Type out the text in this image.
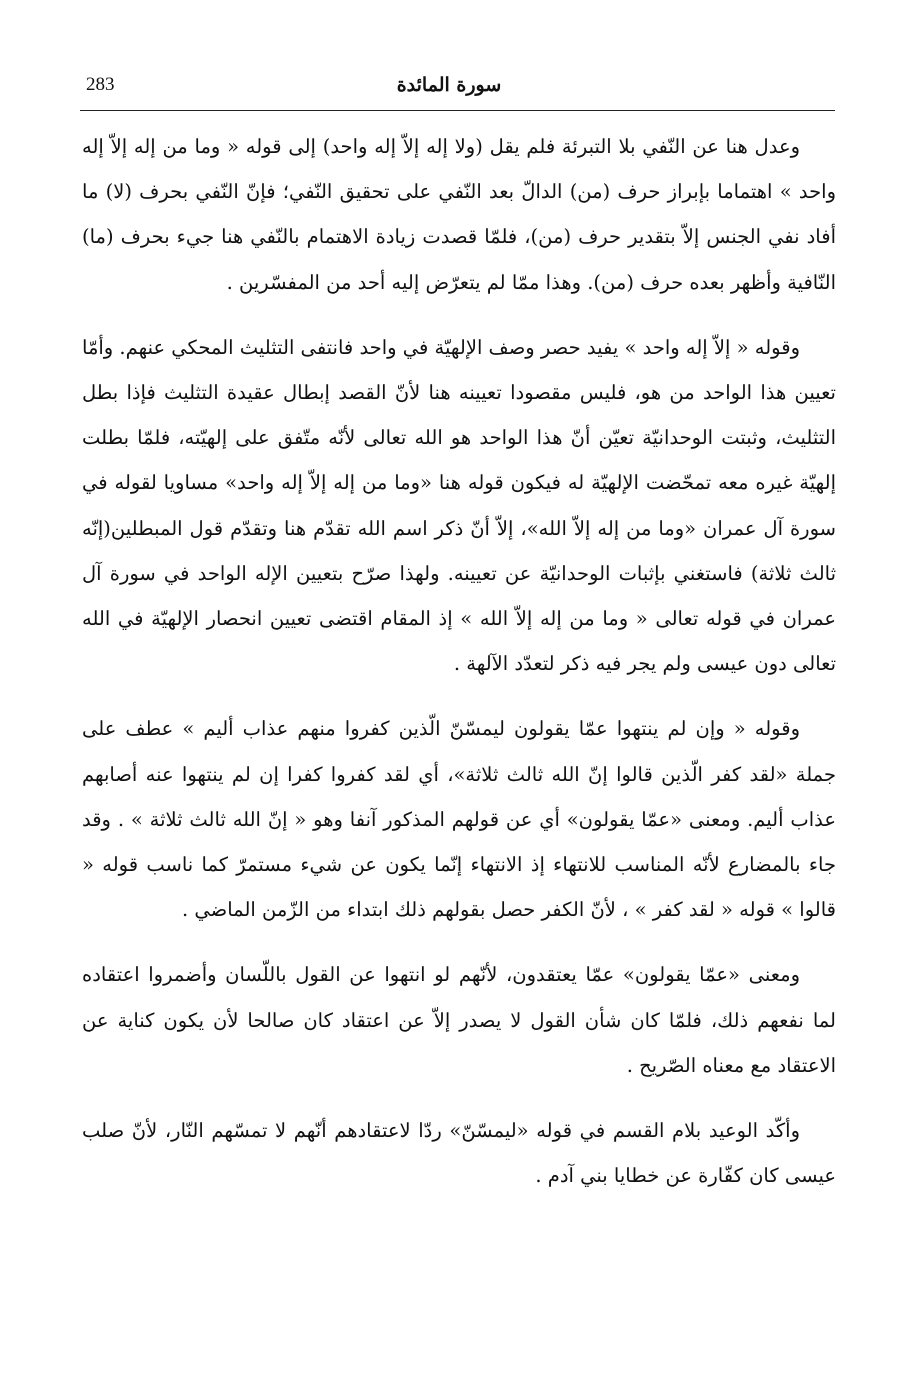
283	سورة المائدة

وعدل هنا عن النّفي بلا التبرئة فلم يقل (ولا إله إلاّ إله واحد) إلى قوله « وما من إله إلاّ إله واحد » اهتماما بإبراز حرف (من) الدالّ بعد النّفي على تحقيق النّفي؛ فإنّ النّفي بحرف (لا) ما أفاد نفي الجنس إلاّ بتقدير حرف (من)، فلمّا قصدت زيادة الاهتمام بالنّفي هنا جيء بحرف (ما) النّافية وأظهر بعده حرف (من). وهذا ممّا لم يتعرّض إليه أحد من المفسّرين .

وقوله « إلاّ إله واحد » يفيد حصر وصف الإلهيّة في واحد فانتفى التثليث المحكي عنهم. وأمّا تعيين هذا الواحد من هو، فليس مقصودا تعيينه هنا لأنّ القصد إبطال عقيدة التثليث فإذا بطل التثليث، وثبتت الوحدانيّة تعيّن أنّ هذا الواحد هو الله تعالى لأنّه متّفق على إلهيّته، فلمّا بطلت إلهيّة غيره معه تمحّضت الإلهيّة له فيكون قوله هنا «وما من إله إلاّ إله واحد» مساويا لقوله في سورة آل عمران «وما من إله إلاّ الله»، إلاّ أنّ ذكر اسم الله تقدّم هنا وتقدّم قول المبطلين(إنّه ثالث ثلاثة) فاستغني بإثبات الوحدانيّة عن تعيينه. ولهذا صرّح بتعيين الإله الواحد في سورة آل عمران في قوله تعالى « وما من إله إلاّ الله » إذ المقام اقتضى تعيين انحصار الإلهيّة في الله تعالى دون عيسى ولم يجر فيه ذكر لتعدّد الآلهة .

وقوله « وإن لم ينتهوا عمّا يقولون ليمسّنّ الّذين كفروا منهم عذاب أليم » عطف على جملة «لقد كفر الّذين قالوا إنّ الله ثالث ثلاثة»، أي لقد كفروا كفرا إن لم ينتهوا عنه أصابهم عذاب أليم. ومعنى «عمّا يقولون» أي عن قولهم المذكور آنفا وهو « إنّ الله ثالث ثلاثة » . وقد جاء بالمضارع لأنّه المناسب للانتهاء إذ الانتهاء إنّما يكون عن شيء مستمرّ كما ناسب قوله « قالوا » قوله « لقد كفر » ، لأنّ الكفر حصل بقولهم ذلك ابتداء من الزّمن الماضي .

ومعنى «عمّا يقولون» عمّا يعتقدون، لأنّهم لو انتهوا عن القول باللّسان وأضمروا اعتقاده لما نفعهم ذلك، فلمّا كان شأن القول لا يصدر إلاّ عن اعتقاد كان صالحا لأن يكون كناية عن الاعتقاد مع معناه الصّريح .

وأكّد الوعيد بلام القسم في قوله «ليمسّنّ» ردّا لاعتقادهم أنّهم لا تمسّهم النّار، لأنّ صلب عيسى كان كفّارة عن خطايا بني آدم .
